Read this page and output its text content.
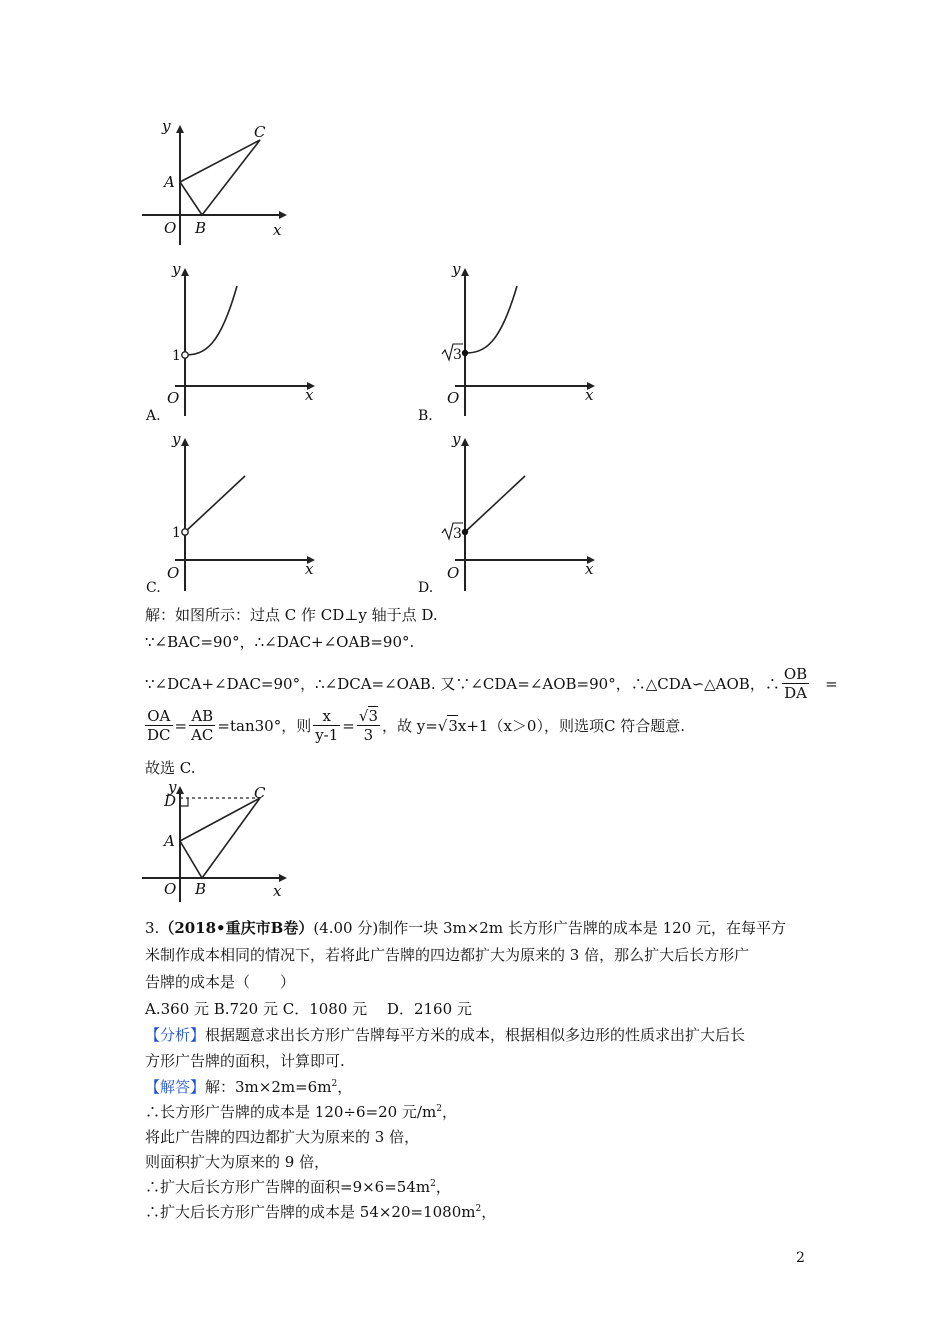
y
x
O
A
B
C
1
y
x
O
A.
3
y
x
O
B.
1
y
x
O
C.
3
y
x
O
D.
解：如图所示：过点 C 作 CD⊥y 轴于点 D.
∵∠BAC=90°，∴∠DAC+∠OAB=90°.
∵∠DCA+∠DAC=90°，∴∠DCA=∠OAB. 又∵∠CDA=∠AOB=90°，∴△CDA∽△AOB，∴ $\frac{OB}{DA}$ =
$\frac{OA}{DC} = \frac{AB}{AC} =\tan 30^\circ$，则 $\frac{x}{y-1} = \frac{√3}{3}$ ，故 y= √ 3 x+1（x＞0），则选项C 符合题意.
故选 C.
y
x
O
A
B
C
D
3.（2018•重庆市B卷）(4.00 分)制作一块 3m×2m 长方形广告牌的成本是 120 元，在每平方
米制作成本相同的情况下，若将此广告牌的四边都扩大为原来的 3 倍，那么扩大后长方形广
告牌的成本是（　　）
A.360 元 B.720 元 C．1080 元　 D．2160 元
【分析】根据题意求出长方形广告牌每平方米的成本，根据相似多边形的性质求出扩大后长
方形广告牌的面积，计算即可.
【解答】解：$3m\times 2m=6m^2$，
∴长方形广告牌的成本是 120÷6=20 元$/m^2$，
将此广告牌的四边都扩大为原来的 3 倍，
则面积扩大为原来的 9 倍，
∴扩大后长方形广告牌的面积$=9\times 6=54m^2$，
∴扩大后长方形广告牌的成本是 $54\times 20=1080m^2$，
2
